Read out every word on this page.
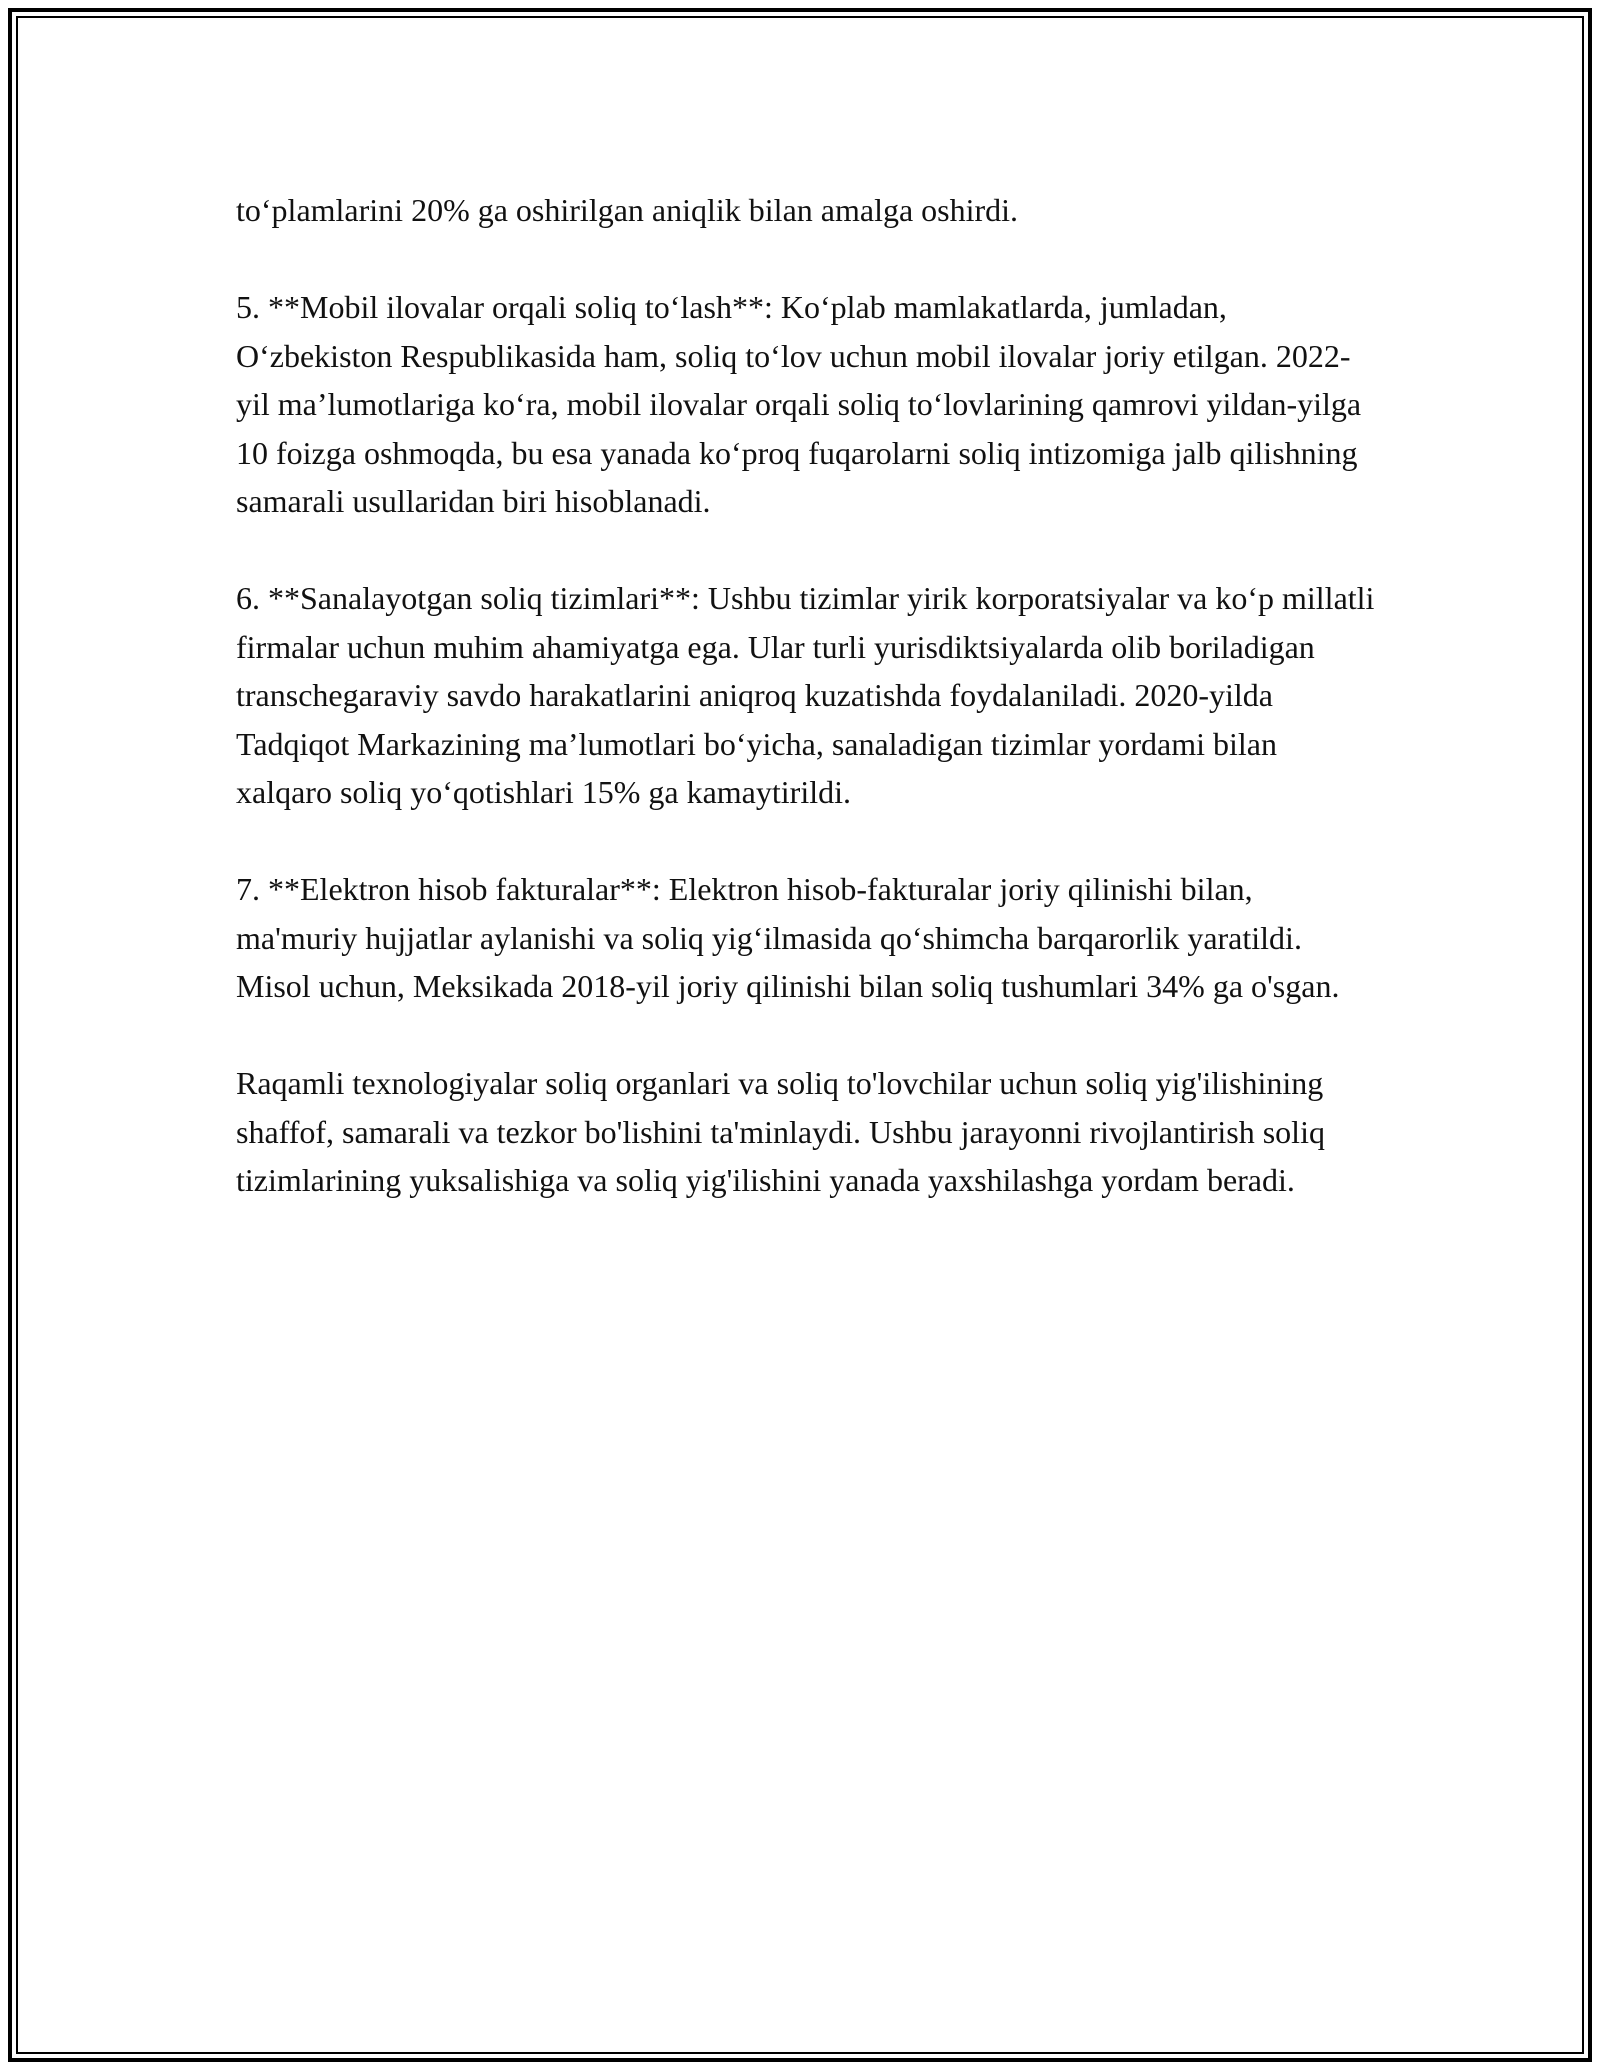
to‘plamlarini 20% ga oshirilgan aniqlik bilan amalga oshirdi.

5. **Mobil ilovalar orqali soliq to‘lash**: Ko‘plab mamlakatlarda, jumladan, O‘zbekiston Respublikasida ham, soliq to‘lov uchun mobil ilovalar joriy etilgan. 2022-yil ma’lumotlariga ko‘ra, mobil ilovalar orqali soliq to‘lovlarining qamrovi yildan-yilga 10 foizga oshmoqda, bu esa yanada ko‘proq fuqarolarni soliq intizomiga jalb qilishning samarali usullaridan biri hisoblanadi.

6. **Sanalayotgan soliq tizimlari**: Ushbu tizimlar yirik korporatsiyalar va ko‘p millatli firmalar uchun muhim ahamiyatga ega. Ular turli yurisdiktsiyalarda olib boriladigan transchegaraviy savdo harakatlarini aniqroq kuzatishda foydalaniladi. 2020-yilda Tadqiqot Markazining ma’lumotlari bo‘yicha, sanaladigan tizimlar yordami bilan xalqaro soliq yo‘qotishlari 15% ga kamaytirildi.

7. **Elektron hisob fakturalar**: Elektron hisob-fakturalar joriy qilinishi bilan, ma'muriy hujjatlar aylanishi va soliq yig‘ilmasida qo‘shimcha barqarorlik yaratildi. Misol uchun, Meksikada 2018-yil joriy qilinishi bilan soliq tushumlari 34% ga o'sgan.

Raqamli texnologiyalar soliq organlari va soliq to'lovchilar uchun soliq yig'ilishining shaffof, samarali va tezkor bo'lishini ta'minlaydi. Ushbu jarayonni rivojlantirish soliq tizimlarining yuksalishiga va soliq yig'ilishini yanada yaxshilashga yordam beradi.
